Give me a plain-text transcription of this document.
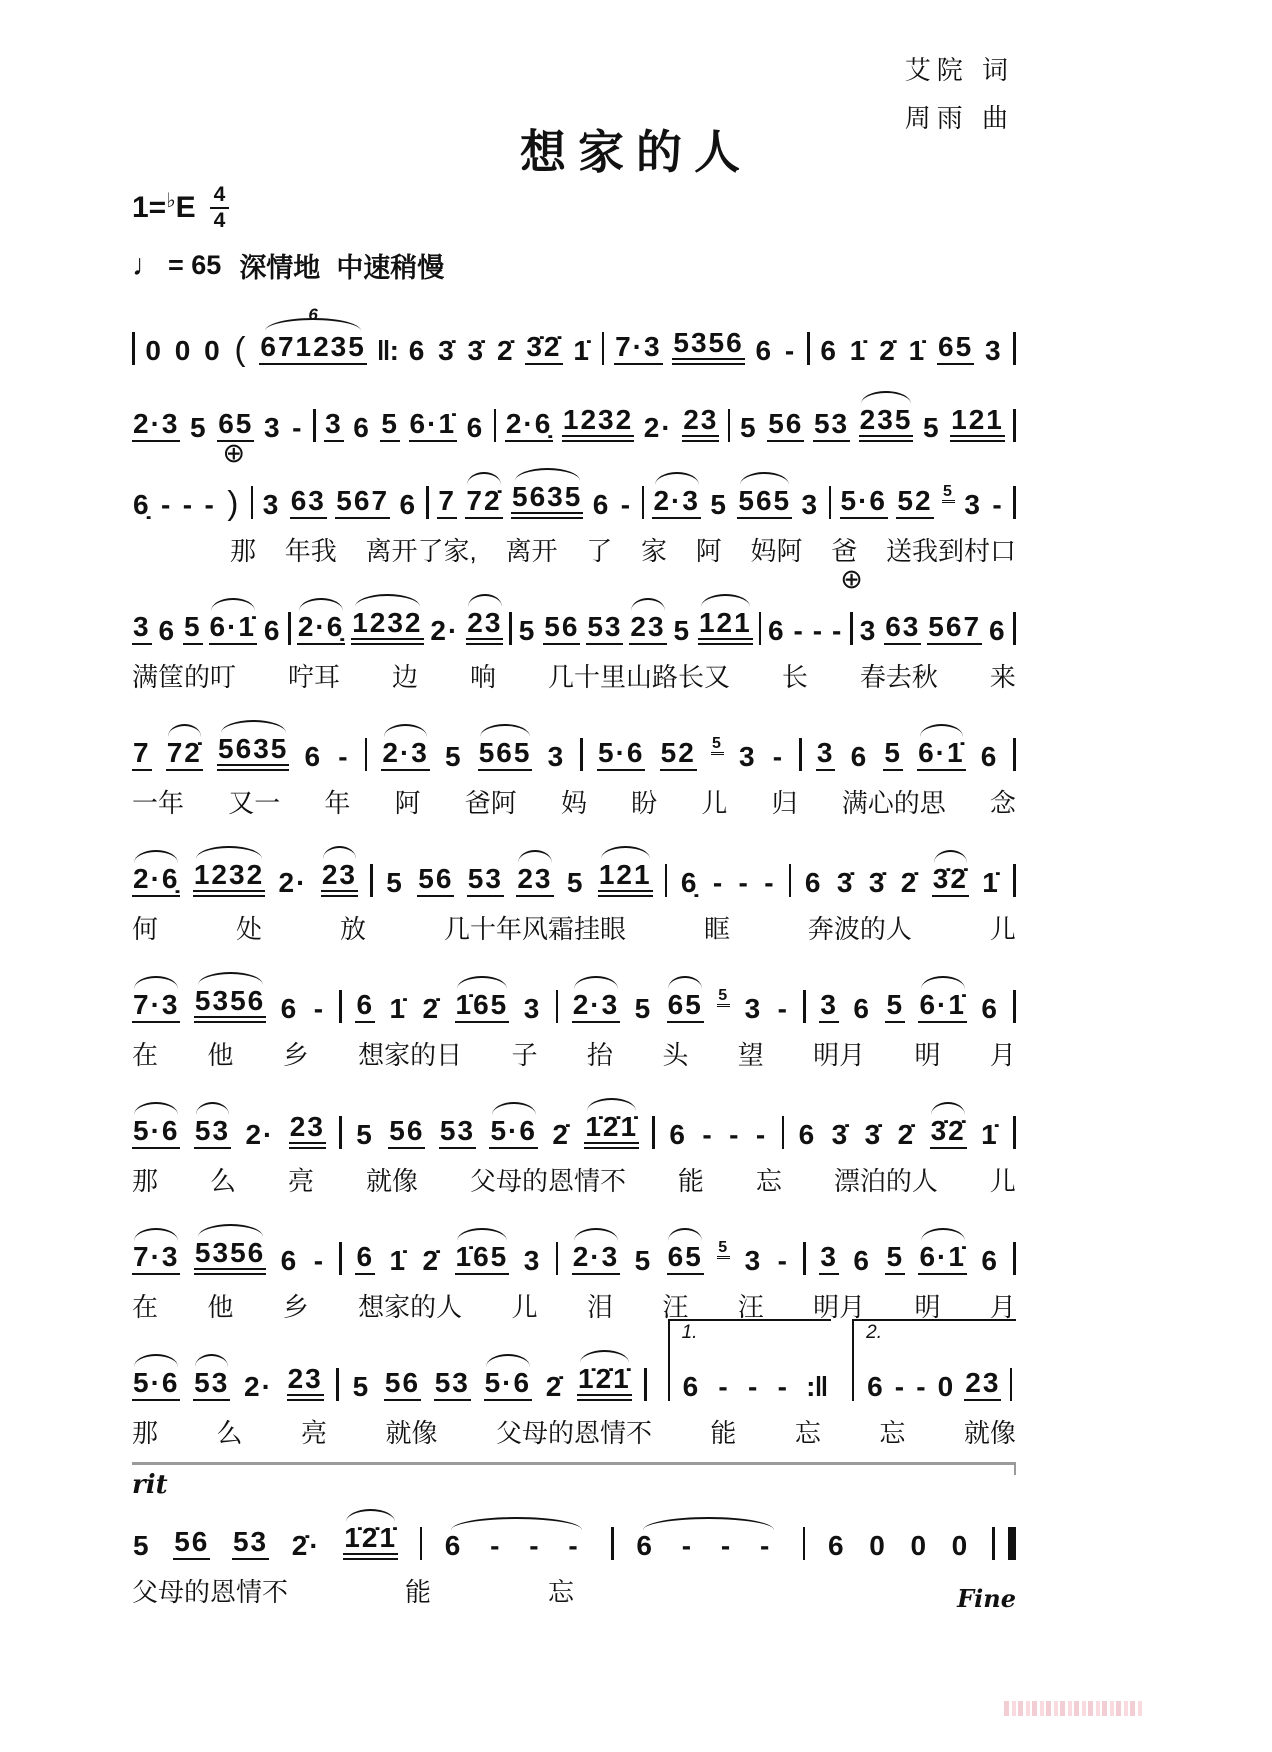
想家的人
艾院 词
周雨 曲
1= ♭ E $\frac{4}{4}$
♩ = 65 深情地 中速稍慢
0 0 0 ( 671235
6
‖: 6 3̇ 3̇ 2̇ 3̇2̇ 1̇ 7·3 5356 6 - 6 1̇ 2̇ 1̇ 65 3
2·3 5 65 3 - 3 6 5 6·1̇ 6 2·6̣ 1232 2· 23 5 56 53 235 5 121
6̣ - - - )
⊕
3 63 567 6 7 72̇ 5635 6 - 2·3 5 565 3 5·6 52 5 3 -
那 年我 离开了家, 离开 了 家 阿 妈阿 爸 送我到村口
3 6 5 6·1̇ 6 2·6̣ 1232 2· 23 5 56 53 23 5 121 6 - - -
⊕
3 63 567 6
满筐的叮 咛耳 边 响 几十里山路长又 长 春去秋 来
7 72̇ 5635 6 - 2·3 5 565 3 5·6 52 5 3 - 3 6 5 6·1̇ 6
一年 又一 年 阿 爸阿 妈 盼 儿 归 满心的思 念
2·6̣ 1232 2· 23 5 56 53 23 5 121 6̣ - - - 6 3̇ 3̇ 2̇ 3̇2̇ 1̇
何	处	放	几十年风霜挂眼	眶	奔波的人	儿
7·3 5356 6 - 6 1̇ 2̇ 1̇65 3 2·3 5 65 5 3 - 3 6 5 6·1̇ 6
在 他 乡 想家的日 子 抬 头 望 明月 明 月
5·6 53 2· 23 5 56 53 5·6 2̇ 1̇2̇1̇ 6 - - - 6 3̇ 3̇ 2̇ 3̇2̇ 1̇
那 么 亮 就像 父母的恩情不 能 忘 漂泊的人 儿
7·3 5356 6 - 6 1̇ 2̇ 1̇65 3 2·3 5 65 5 3 - 3 6 5 6·1̇ 6
在 他 乡 想家的人 儿 泪 汪 汪 明月 明 月
5·6 53 2· 23 5 56 53 5·6 2̇ 1̇2̇1̇
1.
6 - - - :‖
2.
6 - - 0 23
那 么 亮 就像 父母的恩情不 能 忘 忘 就像
rit
5 56 53 2̇· 1̇2̇1̇ 6 - - - 6 - - - 6 0 0 0
父母的恩情不	能	忘	Fine
